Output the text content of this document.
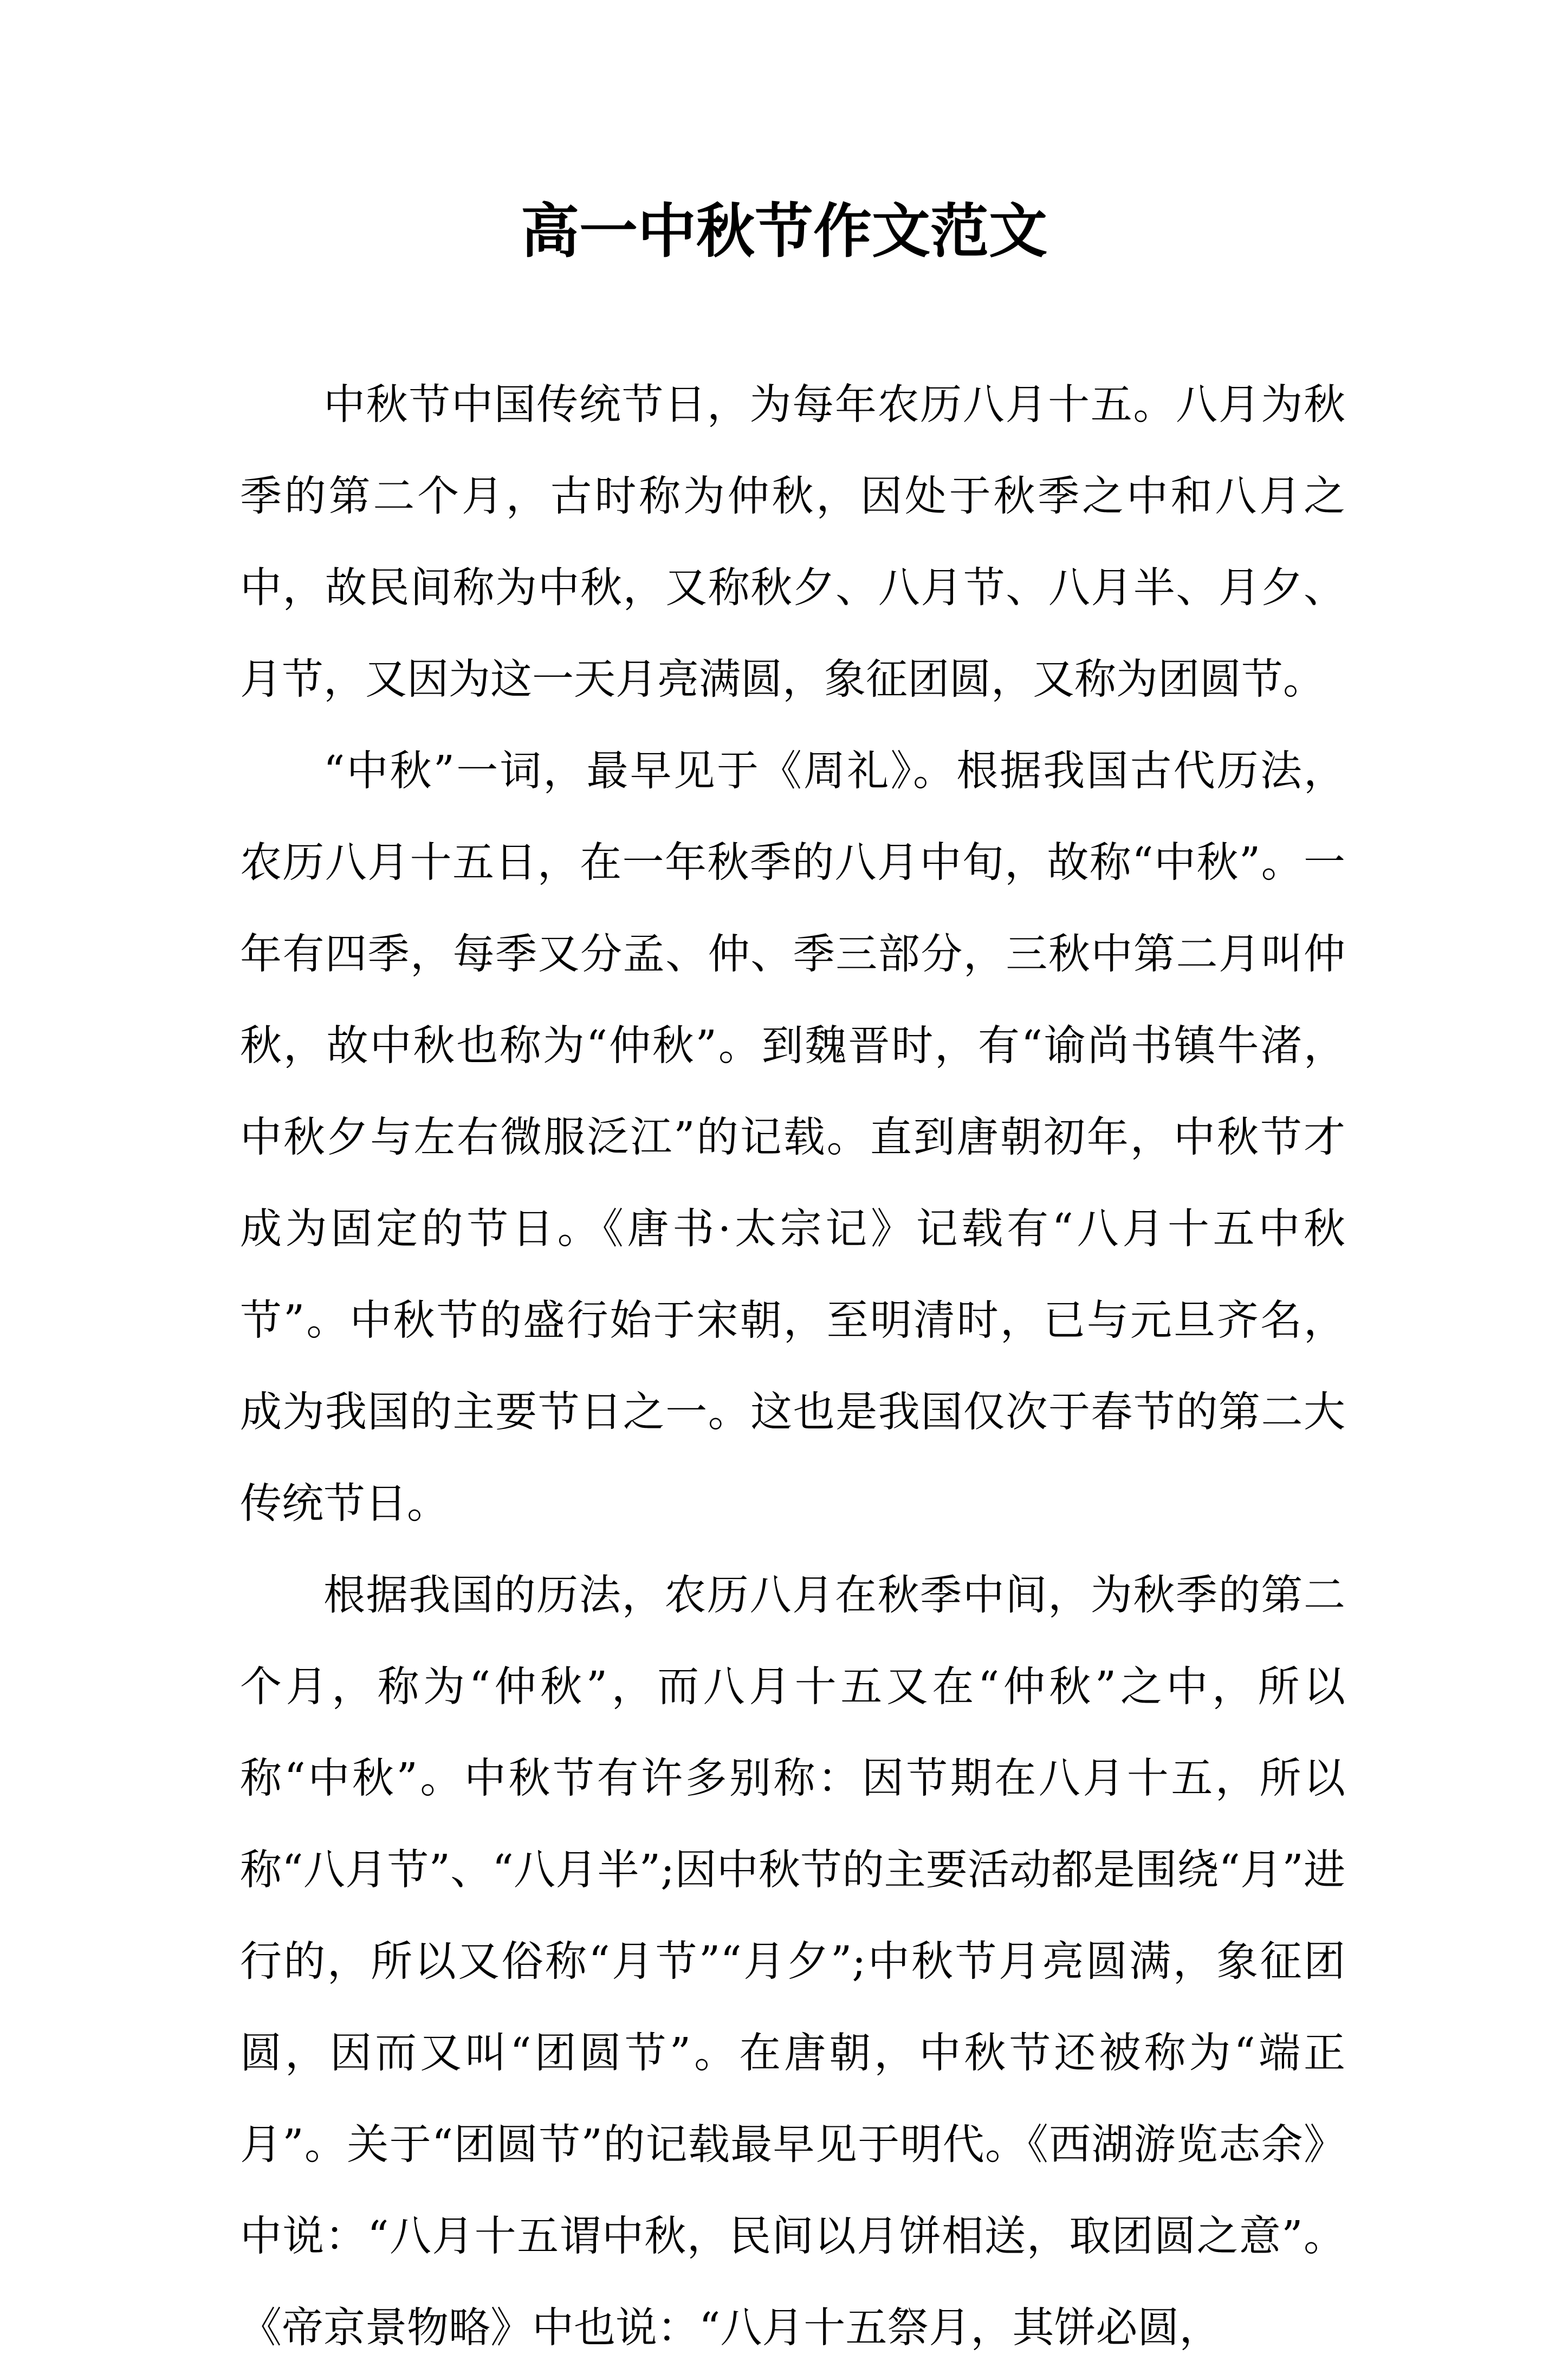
高一中秋节作文范文

中秋节中国传统节日，为每年农历八月十五。八月为秋季的第二个月，古时称为仲秋，因处于秋季之中和八月之中，故民间称为中秋，又称秋夕、八月节、八月半、月夕、月节，又因为这一天月亮满圆，象征团圆，又称为团圆节。

“中秋”一词，最早见于《周礼》。根据我国古代历法，农历八月十五日，在一年秋季的八月中旬，故称“中秋”。一年有四季，每季又分孟、仲、季三部分，三秋中第二月叫仲秋，故中秋也称为“仲秋”。到魏晋时，有“谕尚书镇牛渚，中秋夕与左右微服泛江”的记载。直到唐朝初年，中秋节才成为固定的节日。《唐书·太宗记》记载有“八月十五中秋节”。中秋节的盛行始于宋朝，至明清时，已与元旦齐名，成为我国的主要节日之一。这也是我国仅次于春节的第二大传统节日。

根据我国的历法，农历八月在秋季中间，为秋季的第二个月，称为“仲秋”，而八月十五又在“仲秋”之中，所以称“中秋”。中秋节有许多别称：因节期在八月十五，所以称“八月节”、“八月半”;因中秋节的主要活动都是围绕“月”进行的，所以又俗称“月节”“月夕”;中秋节月亮圆满，象征团圆，因而又叫“团圆节”。在唐朝，中秋节还被称为“端正月”。关于“团圆节”的记载最早见于明代。《西湖游览志余》中说：“八月十五谓中秋，民间以月饼相送，取团圆之意”。《帝京景物略》中也说：“八月十五祭月，其饼必圆，
